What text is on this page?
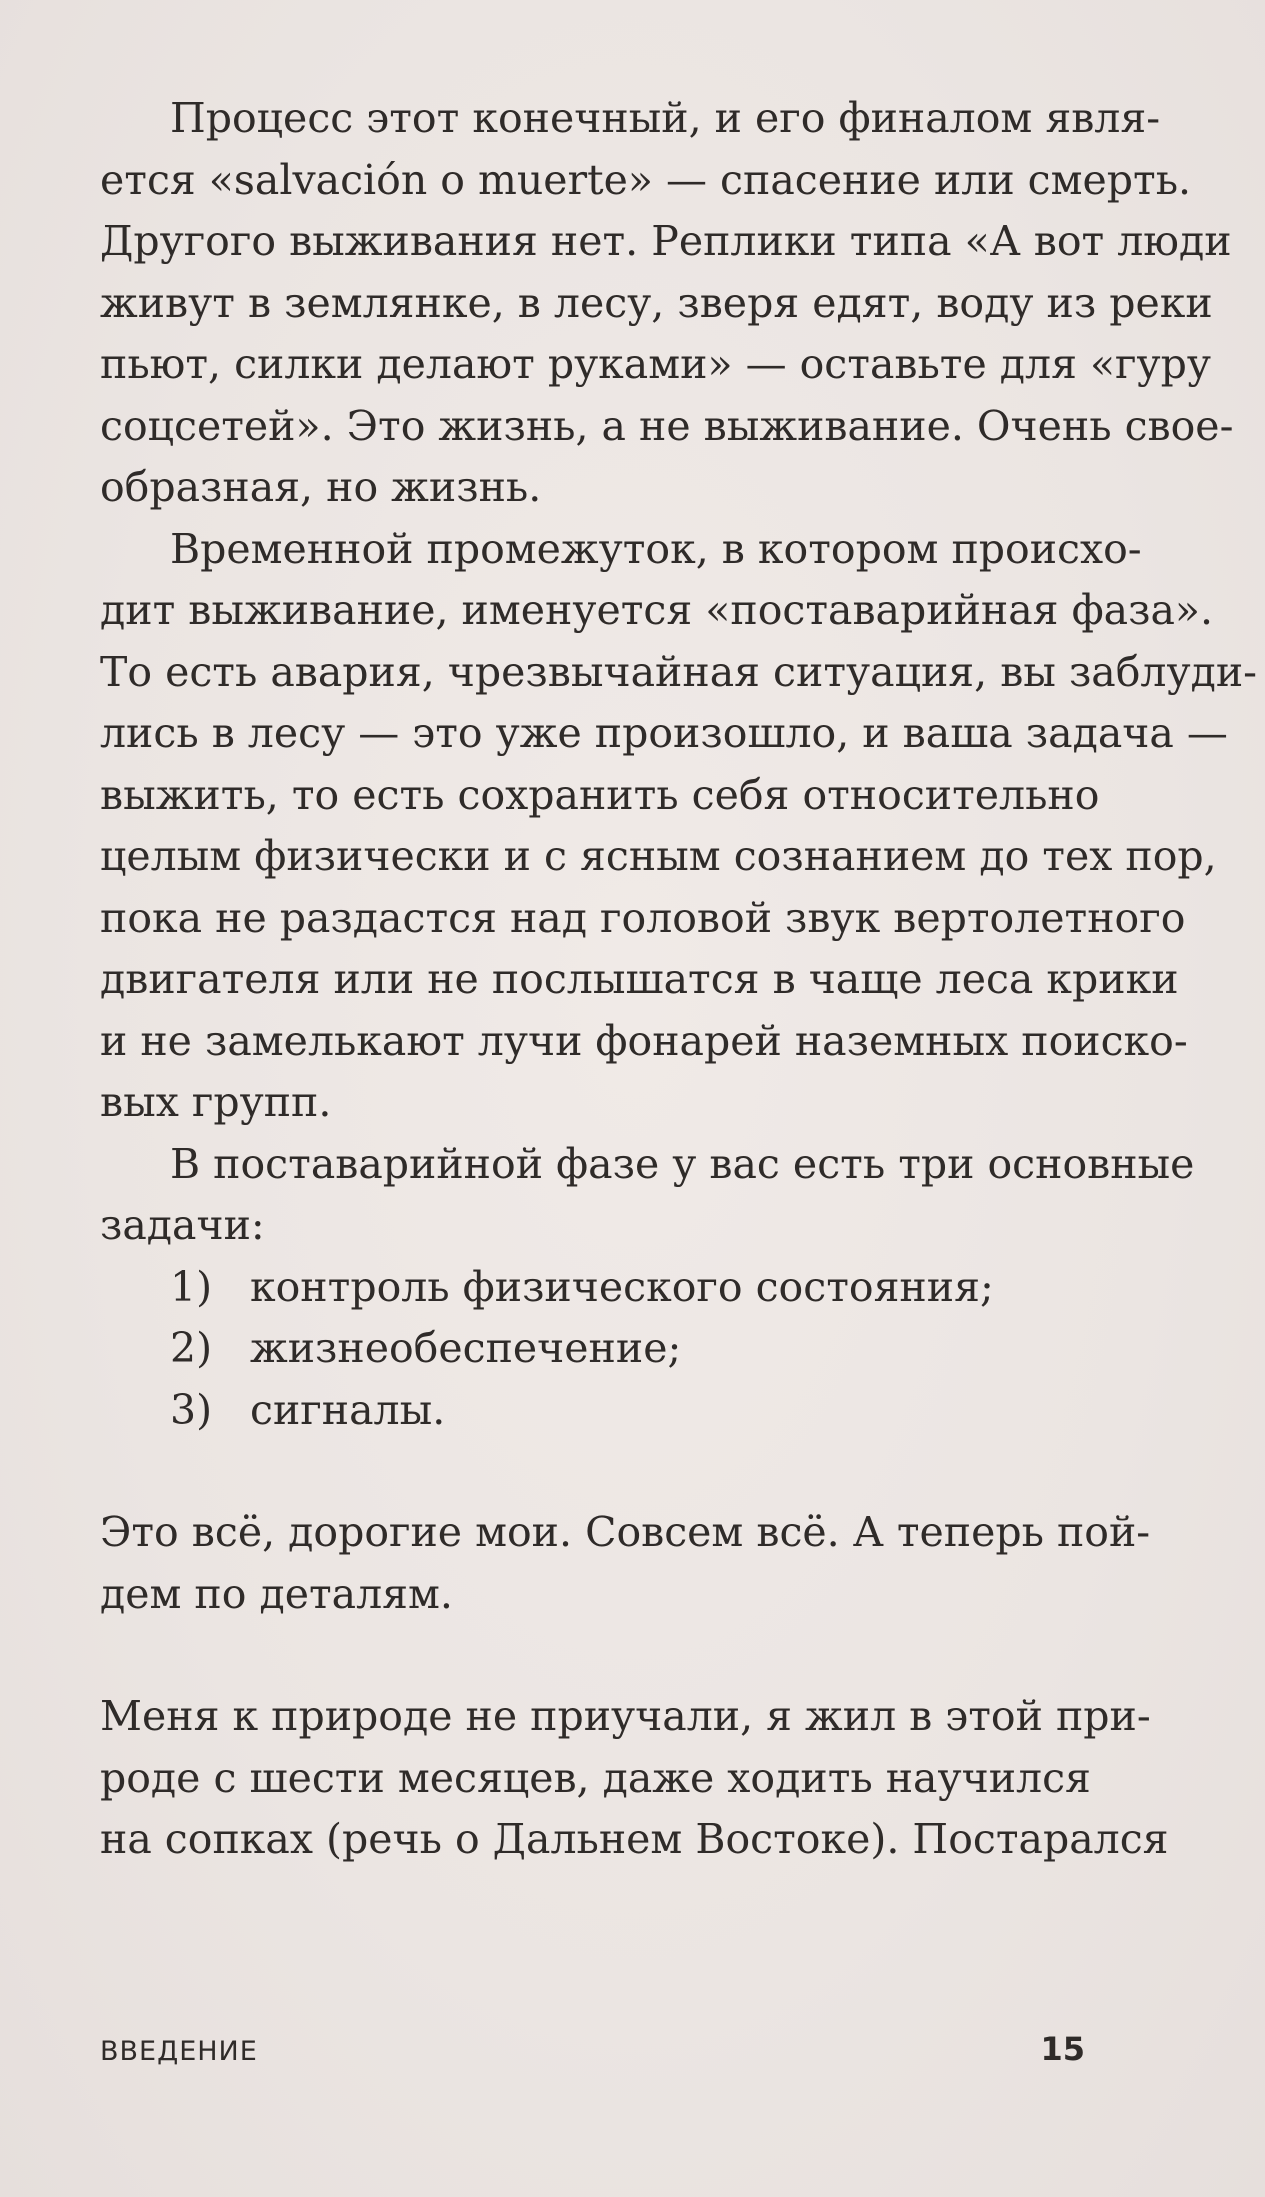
Процесс этот конечный, и его финалом явля-
ется «salvación o muerte» — спасение или смерть.
Другого выживания нет. Реплики типа «А вот люди
живут в землянке, в лесу, зверя едят, воду из реки
пьют, силки делают руками» — оставьте для «гуру
соцсетей». Это жизнь, а не выживание. Очень свое-
образная, но жизнь.

Временной промежуток, в котором происхо-
дит выживание, именуется «поставарийная фаза».
То есть авария, чрезвычайная ситуация, вы заблуди-
лись в лесу — это уже произошло, и ваша задача —
выжить, то есть сохранить себя относительно
целым физически и с ясным сознанием до тех пор,
пока не раздастся над головой звук вертолетного
двигателя или не послышатся в чаще леса крики
и не замелькают лучи фонарей наземных поиско-
вых групп.

В поставарийной фазе у вас есть три основные
задачи:

1) контроль физического состояния;
2) жизнеобеспечение;
3) сигналы.

Это всё, дорогие мои. Совсем всё. А теперь пой-
дем по деталям.

Меня к природе не приучали, я жил в этой при-
роде с шести месяцев, даже ходить научился
на сопках (речь о Дальнем Востоке). Постарался

ВВЕДЕНИЕ	15
